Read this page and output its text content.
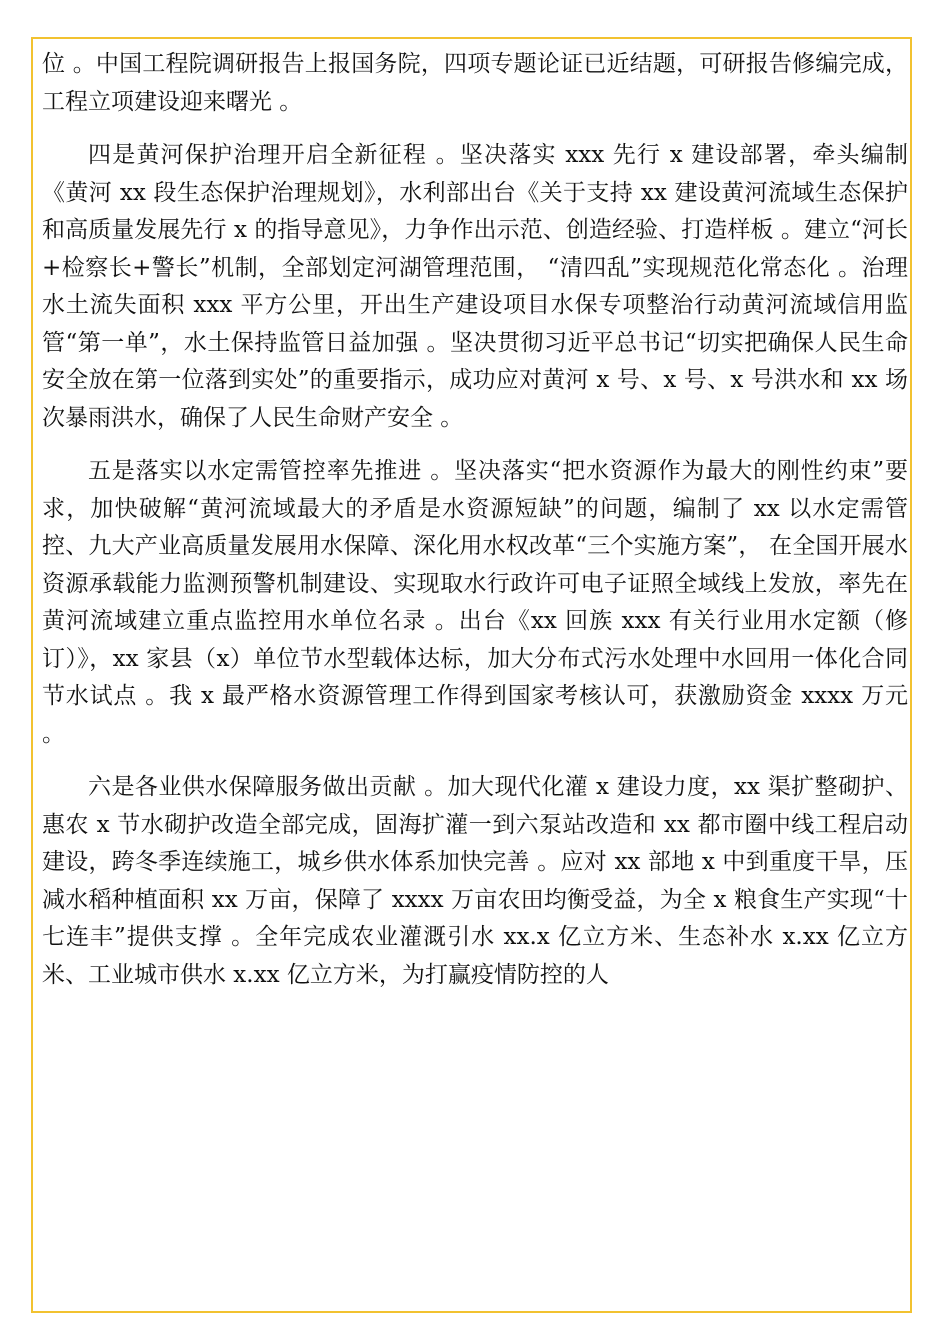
位 。中国工程院调研报告上报国务院，四项专题论证已近结题，可研报告修编完成，工程立项建设迎来曙光 。

四是黄河保护治理开启全新征程 。坚决落实 xxx 先行 x 建设部署，牵头编制《黄河 xx 段生态保护治理规划》，水利部出台《关于支持 xx 建设黄河流域生态保护和高质量发展先行 x 的指导意见》，力争作出示范、创造经验、打造样板 。建立“河长+检察长+警长”机制，全部划定河湖管理范围， “清四乱”实现规范化常态化 。治理水土流失面积 xxx 平方公里，开出生产建设项目水保专项整治行动黄河流域信用监管“第一单”，水土保持监管日益加强 。坚决贯彻习近平总书记“切实把确保人民生命安全放在第一位落到实处”的重要指示，成功应对黄河 x 号、x 号、x 号洪水和 xx 场次暴雨洪水，确保了人民生命财产安全 。

五是落实以水定需管控率先推进 。坚决落实“把水资源作为最大的刚性约束”要求，加快破解“黄河流域最大的矛盾是水资源短缺”的问题，编制了 xx 以水定需管控、九大产业高质量发展用水保障、深化用水权改革“三个实施方案”， 在全国开展水资源承载能力监测预警机制建设、实现取水行政许可电子证照全域线上发放，率先在黄河流域建立重点监控用水单位名录 。出台《xx 回族 xxx 有关行业用水定额（修订）》，xx 家县（x）单位节水型载体达标，加大分布式污水处理中水回用一体化合同节水试点 。我 x 最严格水资源管理工作得到国家考核认可，获激励资金 xxxx 万元 。

六是各业供水保障服务做出贡献 。加大现代化灌 x 建设力度，xx 渠扩整砌护、惠农 x 节水砌护改造全部完成，固海扩灌一到六泵站改造和 xx 都市圈中线工程启动建设，跨冬季连续施工，城乡供水体系加快完善 。应对 xx 部地 x 中到重度干旱，压减水稻种植面积 xx 万亩，保障了 xxxx 万亩农田均衡受益，为全 x 粮食生产实现“十七连丰”提供支撑 。全年完成农业灌溉引水 xx.x 亿立方米、生态补水 x.xx 亿立方米、工业城市供水 x.xx 亿立方米，为打赢疫情防控的人
